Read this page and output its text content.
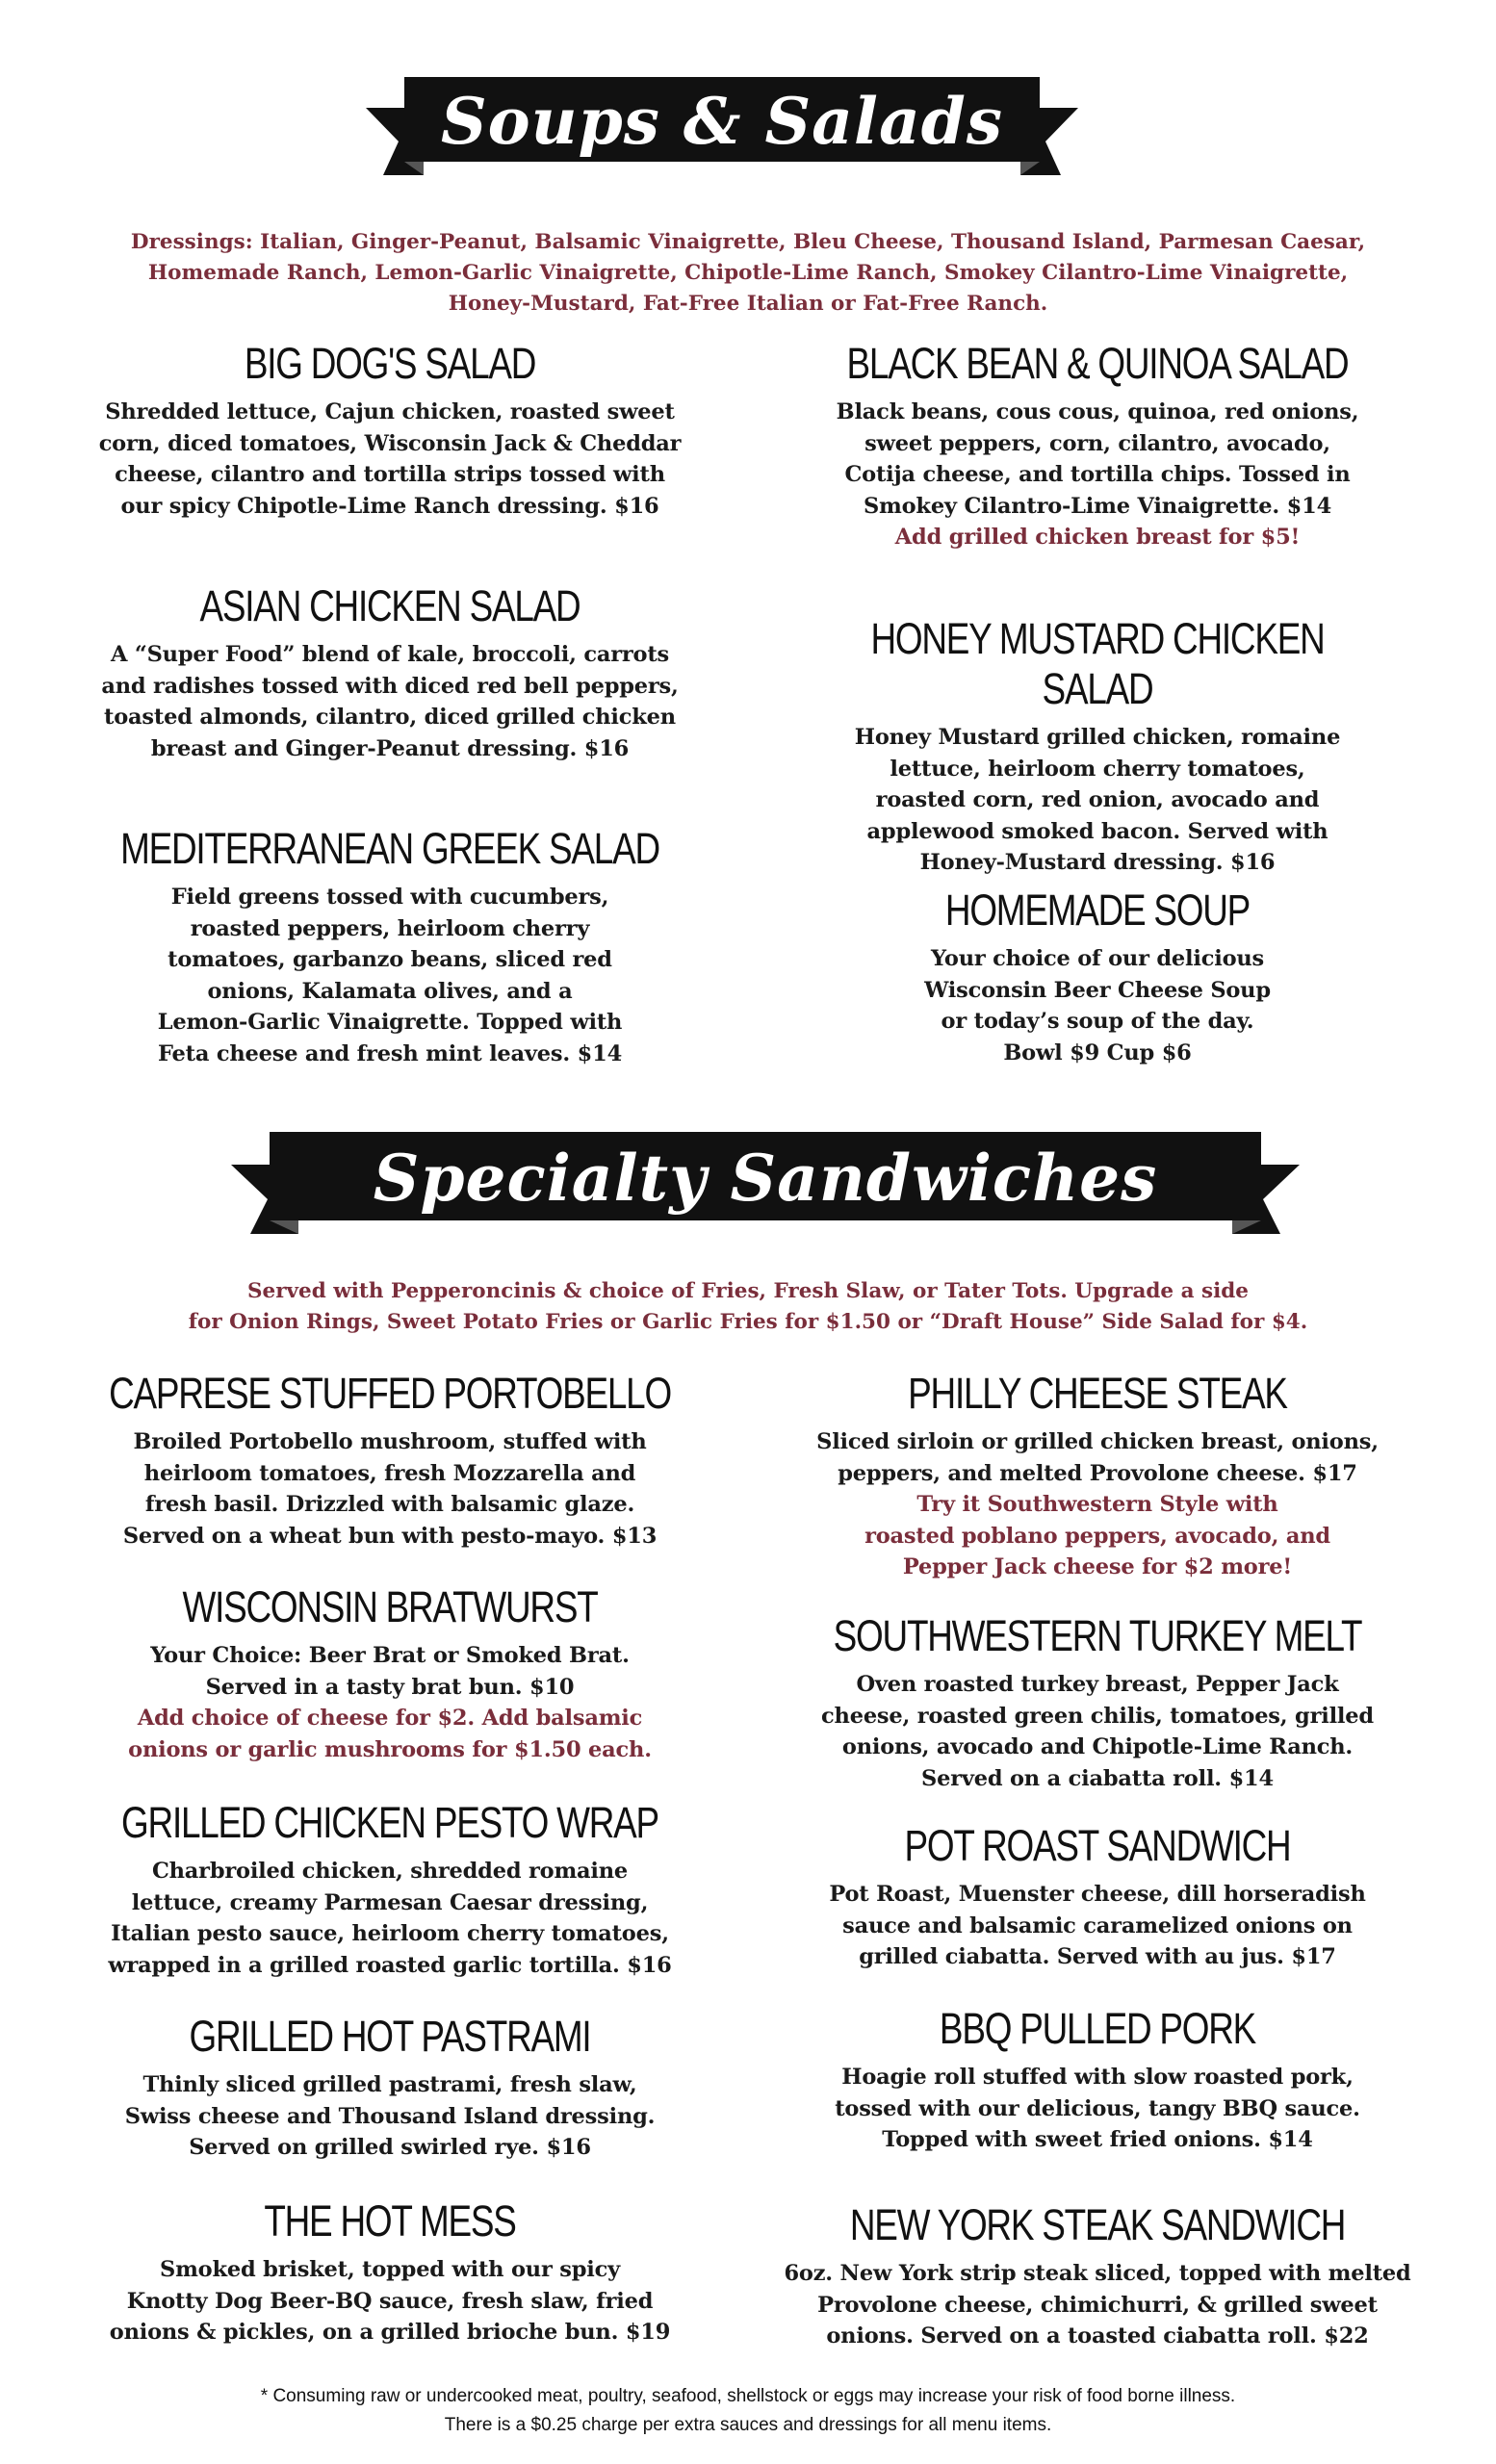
Soups & Salads
Dressings: Italian, Ginger-Peanut, Balsamic Vinaigrette, Bleu Cheese, Thousand Island, Parmesan Caesar,
Homemade Ranch, Lemon-Garlic Vinaigrette, Chipotle-Lime Ranch, Smokey Cilantro-Lime Vinaigrette,
Honey-Mustard, Fat-Free Italian or Fat-Free Ranch.
BIG DOG'S SALAD
Shredded lettuce, Cajun chicken, roasted sweet
corn, diced tomatoes, Wisconsin Jack & Cheddar
cheese, cilantro and tortilla strips tossed with
our spicy Chipotle-Lime Ranch dressing. $16
ASIAN CHICKEN SALAD
A “Super Food” blend of kale, broccoli, carrots
and radishes tossed with diced red bell peppers,
toasted almonds, cilantro, diced grilled chicken
breast and Ginger-Peanut dressing. $16
MEDITERRANEAN GREEK SALAD
Field greens tossed with cucumbers,
roasted peppers, heirloom cherry
tomatoes, garbanzo beans, sliced red
onions, Kalamata olives, and a
Lemon-Garlic Vinaigrette. Topped with
Feta cheese and fresh mint leaves. $14
BLACK BEAN & QUINOA SALAD
Black beans, cous cous, quinoa, red onions,
sweet peppers, corn, cilantro, avocado,
Cotija cheese, and tortilla chips. Tossed in
Smokey Cilantro-Lime Vinaigrette. $14
Add grilled chicken breast for $5!
HONEY MUSTARD CHICKEN SALAD
Honey Mustard grilled chicken, romaine
lettuce, heirloom cherry tomatoes,
roasted corn, red onion, avocado and
applewood smoked bacon. Served with
Honey-Mustard dressing. $16
HOMEMADE SOUP
Your choice of our delicious
Wisconsin Beer Cheese Soup
or today’s soup of the day.
Bowl $9 Cup $6
Specialty Sandwiches
Served with Pepperoncinis & choice of Fries, Fresh Slaw, or Tater Tots. Upgrade a side
for Onion Rings, Sweet Potato Fries or Garlic Fries for $1.50 or “Draft House” Side Salad for $4.
CAPRESE STUFFED PORTOBELLO
Broiled Portobello mushroom, stuffed with
heirloom tomatoes, fresh Mozzarella and
fresh basil. Drizzled with balsamic glaze.
Served on a wheat bun with pesto-mayo. $13
WISCONSIN BRATWURST
Your Choice: Beer Brat or Smoked Brat.
Served in a tasty brat bun. $10
Add choice of cheese for $2. Add balsamic
onions or garlic mushrooms for $1.50 each.
GRILLED CHICKEN PESTO WRAP
Charbroiled chicken, shredded romaine
lettuce, creamy Parmesan Caesar dressing,
Italian pesto sauce, heirloom cherry tomatoes,
wrapped in a grilled roasted garlic tortilla. $16
GRILLED HOT PASTRAMI
Thinly sliced grilled pastrami, fresh slaw,
Swiss cheese and Thousand Island dressing.
Served on grilled swirled rye. $16
THE HOT MESS
Smoked brisket, topped with our spicy
Knotty Dog Beer-BQ sauce, fresh slaw, fried
onions & pickles, on a grilled brioche bun. $19
PHILLY CHEESE STEAK
Sliced sirloin or grilled chicken breast, onions,
peppers, and melted Provolone cheese. $17
Try it Southwestern Style with
roasted poblano peppers, avocado, and
Pepper Jack cheese for $2 more!
SOUTHWESTERN TURKEY MELT
Oven roasted turkey breast, Pepper Jack
cheese, roasted green chilis, tomatoes, grilled
onions, avocado and Chipotle-Lime Ranch.
Served on a ciabatta roll. $14
POT ROAST SANDWICH
Pot Roast, Muenster cheese, dill horseradish
sauce and balsamic caramelized onions on
grilled ciabatta. Served with au jus. $17
BBQ PULLED PORK
Hoagie roll stuffed with slow roasted pork,
tossed with our delicious, tangy BBQ sauce.
Topped with sweet fried onions. $14
NEW YORK STEAK SANDWICH
6oz. New York strip steak sliced, topped with melted
Provolone cheese, chimichurri, & grilled sweet
onions. Served on a toasted ciabatta roll. $22
* Consuming raw or undercooked meat, poultry, seafood, shellstock or eggs may increase your risk of food borne illness.
There is a $0.25 charge per extra sauces and dressings for all menu items.
